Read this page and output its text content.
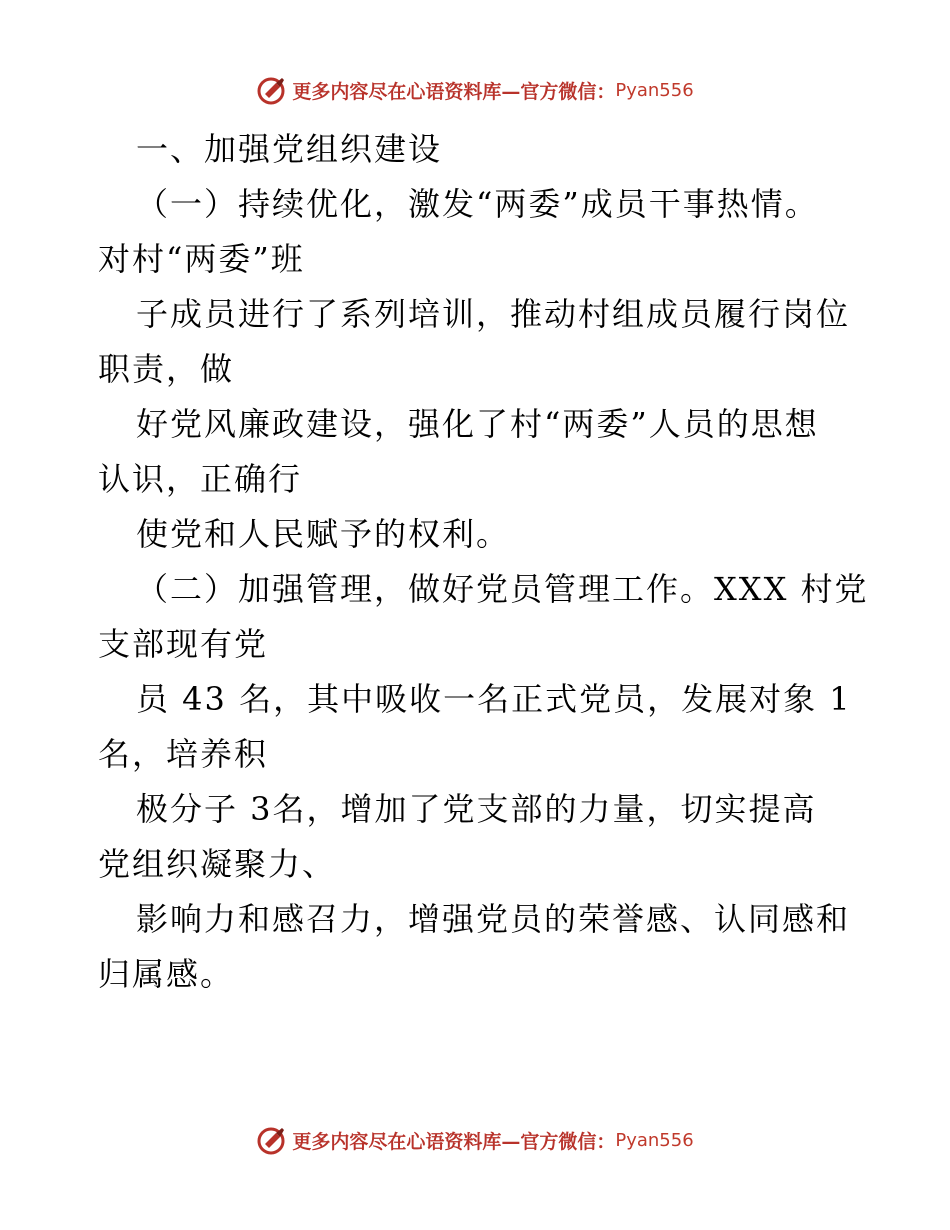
更多内容尽在心语资料库—官方微信： Pyan556
一、加强党组织建设
（一）持续优化，激发“两委”成员干事热情。
对村“两委”班
子成员进行了系列培训，推动村组成员履行岗位
职责，做
好党风廉政建设，强化了村“两委”人员的思想
认识，正确行
使党和人民赋予的权利。
（二）加强管理，做好党员管理工作。XXX 村党
支部现有党
员 43 名，其中吸收一名正式党员，发展对象 1
名，培养积
极分子 3名，增加了党支部的力量，切实提高
党组织凝聚力、
影响力和感召力，增强党员的荣誉感、认同感和
归属感。
更多内容尽在心语资料库—官方微信： Pyan556
